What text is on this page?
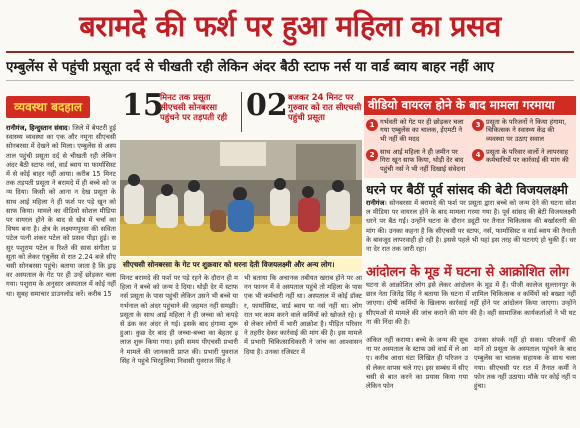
बरामदे की फर्श पर हुआ महिला का प्रसव
एम्बुलेंस से पहुंची प्रसूता दर्द से चीखती रही लेकिन अंदर बैठी स्टाफ नर्स या वार्ड ब्वाय बाहर नहीं आए
व्यवस्था बदहाल 15
मिनट तक प्रसूता सीएचसी सोनबरसा पहुंचने पर तड़पती रही 02 बजकर 24 मिनट पर गुरुवार को रात सीएचसी पहुंची प्रसूता
रानीगंज, हिन्दुस्तान संवाद। जिले में बेपटरी हुई स्वास्थ्य व्यवस्था का एक और नमूना सीएचसी सोनबरसा में देखने को मिला। एम्बुलेंस से अस्पताल पहुंची प्रसूता दर्द से चीखती रही लेकिन अंदर बैठी स्टाफ नर्स, वार्ड ब्वाय या फार्मासिस्ट में से कोई बाहर नहीं आया। करीब 15 मिनट तक तड़पती प्रसूता ने बरामदे में ही बच्चे को जन्म दिया। किसी को आना न देख प्रसूता के साथ आई महिला ने ही फर्श पर पड़े खून को साफ किया। मामले का वीडियो सोशल मीडिया पर वायरल होने के बाद से खेत्र में चर्चा का विषय बना है। क्षेत्र के लक्ष्मणपुरवा की सविता पटेल पत्नी शंकर पटेल को प्रसव पीड़ा हुई। ससुर पशुराम पटेल व रिश्ते की सास संगीता प्रसूता को लेकर एंबुलेंस से रात 2.24 बजे सीएचसी सोनबरसा पहुंचे। बताया जाता है कि ड्राइवर अस्पताल के गेट पर ही उन्हें छोड़कर चला गया। पशुराम के अनुसार अस्पताल में कोई नहीं था। सुबह समाचार डाउनलोड करें। करीब 15
सीएचसी सोनबरसा के गेट पर शुक्रवार को धरना देती विजयलक्ष्मी और अन्य लोग।
मिनट बरामदे की फर्श पर पड़े रहने के दौरान ही महिला ने बच्चे को जन्म दे दिया। थोड़ी देर में स्टाफ नर्स प्रसूता के पास पहुंची लेकिन उसने भी बच्चे या गर्भनाल को अंदर पहुंचाने की जहमत नहीं समझी। प्रसूता के साथ आई महिला ने ही जच्चा को कपड़े से ढंक कर अंदर ले गई। इसके बाद हंगामा शुरू हुआ। कुछ देर बाद ही जच्चा-बच्चा का बेहतर इलाज शुरू किया गया। इसी समय पीएचसी प्रभारी ने मामले की जानकारी प्राप्त की। प्रभारी युवराज सिंह ने पहुंचे भिरहुलिया निवासी युवराज सिंह ने
भी बताया कि अचानक तबीयत खराब होने पर आनन फानन में वे अस्पताल पहुंचे तो महिला के पास एक भी कर्मचारी नहीं था। अस्पताल में कोई डॉक्टर, फार्मासिस्ट, वार्ड ब्वाय या नर्स नहीं था। लोग रात भर काम करने वाले कर्मियों को खोजते रहे। इसे लेकर लोगों में भारी आक्रोश है। पीड़ित परिवार ने तहरीर देकर कार्रवाई की मांग की है। इस मामले में प्रभारी चिकित्साधिकारी ने जांच का आश्वासन दिया है। उनका रजिस्टर में
वीडियो वायरल होने के बाद मामला गरमाया
1 गर्भवती को गेट पर ही छोड़कर चला गया एम्बुलेंस का चालक, ईएमटी ने भी नहीं की मदद
3 प्रसूता के परिजनों ने किया हंगामा, चिकित्सक ने स्वास्थ्य केंद्र की व्यवस्था पर उठाए सवाल
2 साथ आई महिला ने ही जमीन पर गिरा खून साफ किया, थोड़ी देर बाद पहुंची नर्स ने भी नहीं दिखाई संवेदना
4 प्रसूता के परिवार वालों ने लापरवाह कर्मचारियों पर कार्रवाई की मांग की
धरने पर बैठीं पूर्व सांसद की बेटी विजयलक्ष्मी
रानीगंज। सोनबरसा में बरामदे की फर्श पर प्रसूता द्वारा बच्चे को जन्म देने की घटना सोशल मीडिया पर वायरल होने के बाद मामला गरमा गया है। पूर्व सांसद की बेटी विजयलक्ष्मी धरने पर बैठ गईं। उन्होंने घटना के दौरान ड्यूटी पर तैनात चिकित्सक की बर्खास्तगी की मांग की। उनका कहना है कि सीएचसी पर स्टाफ, नर्स, फार्मासिस्ट व वार्ड ब्वाय की तैनाती के बावजूद लापरवाही हो रही है। इससे पहले भी यहां इस तरह की घटनाएं हो चुकी हैं। धरना देर रात तक जारी रहा।
आंदोलन के मूड में घटना से आक्रोशित लोग
घटना से आक्रोशित लोग इसे लेकर आंदोलन के मूड में हैं। पीजी कालेज सुल्तानपुर के छात्र नेता जितेंद्र सिंह ने बताया कि घटना में शामिल चिकित्सक व कर्मियों को बख्शा नहीं जाएगा। दोषी कर्मियों के खिलाफ कार्रवाई नहीं होने पर आंदोलन किया जाएगा। उन्होंने सीएमओ से मामले की जांच कराने की मांग की है। वहीं सामाजिक कार्यकर्ताओं ने भी घटना की निंदा की है।
अंकित नहीं कराया। बच्चे के जन्म की सूचना पर अस्पताल के स्टाफ उसे वार्ड में ले आए। करीब आधा घंटा लिखित ही परिजन उसे लेकर वापस चले गए। इस सम्बंध में सीएचसी से बात करने का प्रयास किया गया लेकिन फोन
उनका संपर्क नहीं हो सका। परिजनों की मानें तो प्रसूता के अस्पताल पहुंचने के बाद एम्बुलेंस का चालक सहायक के साथ चला गया। सीएचसी पर रात में तैनात कर्मी ने फोन तक नहीं उठाया। मौके पर कोई नहीं पहुंचा।
